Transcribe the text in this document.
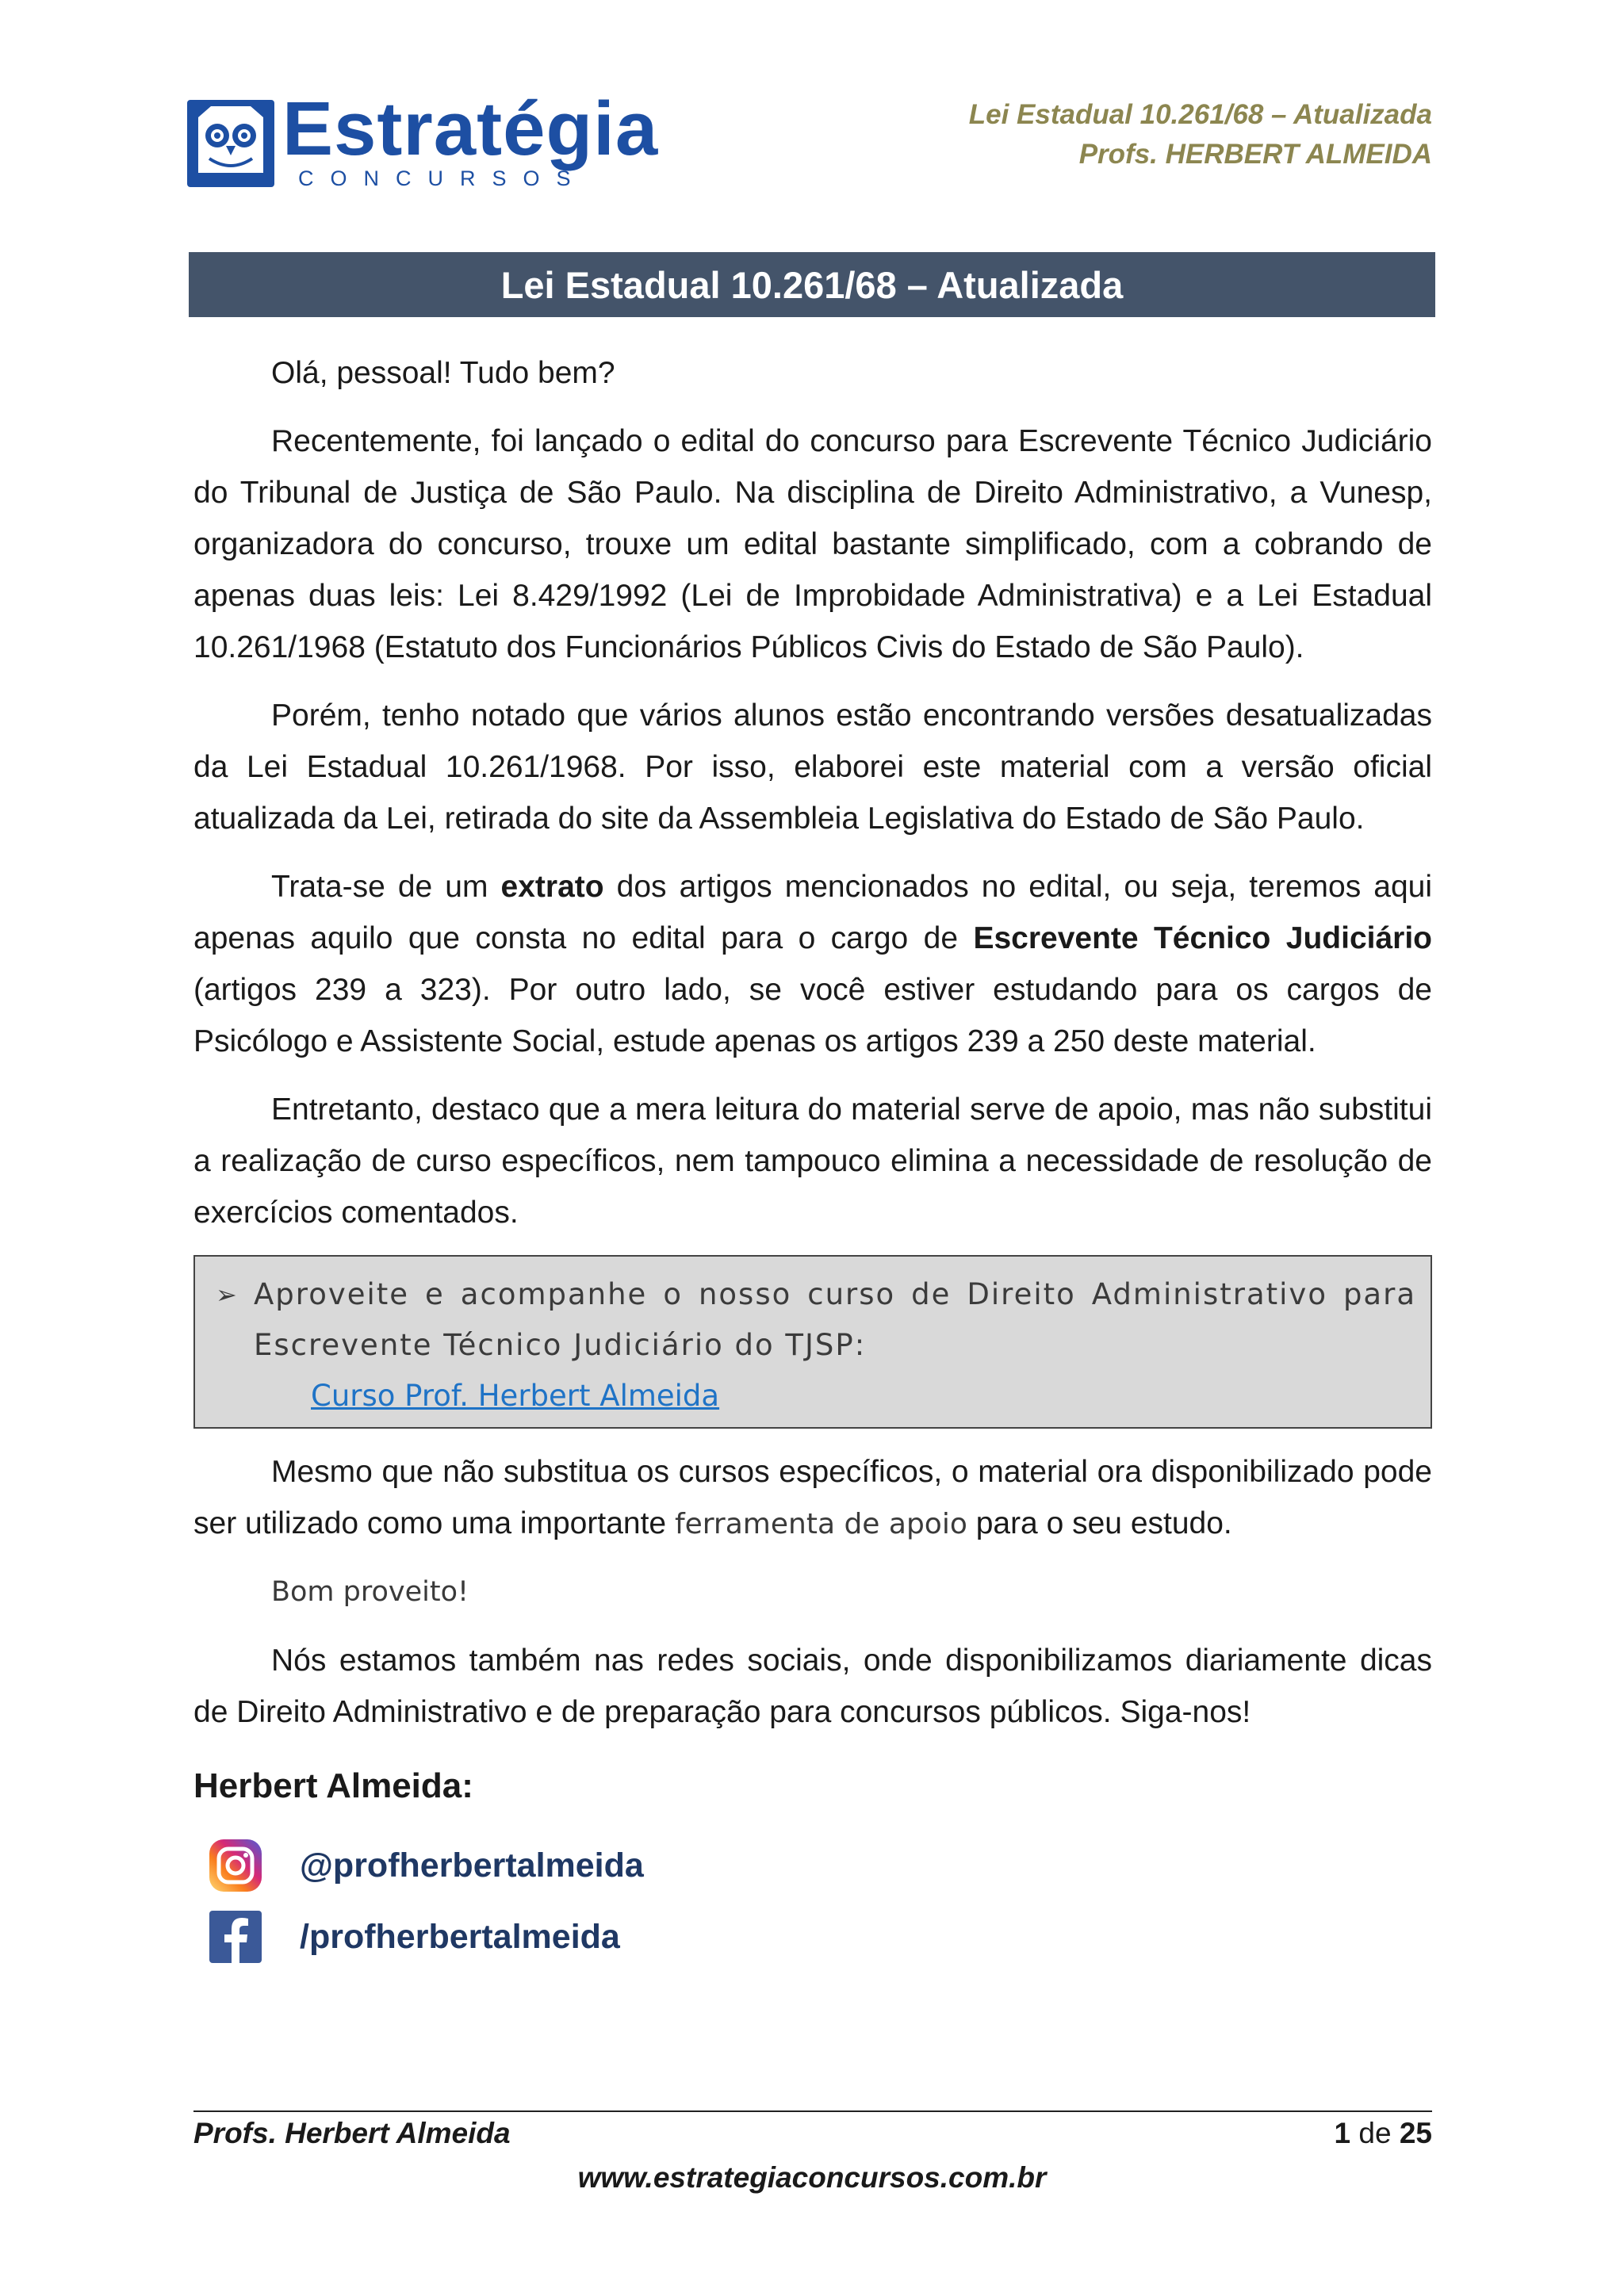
Estratégia
CONCURSOS
Lei Estadual 10.261/68 – Atualizada
Profs. HERBERT ALMEIDA
Lei Estadual 10.261/68 – Atualizada

Olá, pessoal! Tudo bem?

Recentemente, foi lançado o edital do concurso para Escrevente Técnico Judiciário do Tribunal de Justiça de São Paulo. Na disciplina de Direito Administrativo, a Vunesp, organizadora do concurso, trouxe um edital bastante simplificado, com a cobrando de apenas duas leis: Lei 8.429/1992 (Lei de Improbidade Administrativa) e a Lei Estadual 10.261/1968 (Estatuto dos Funcionários Públicos Civis do Estado de São Paulo).

Porém, tenho notado que vários alunos estão encontrando versões desatualizadas da Lei Estadual 10.261/1968. Por isso, elaborei este material com a versão oficial atualizada da Lei, retirada do site da Assembleia Legislativa do Estado de São Paulo.

Trata-se de um extrato dos artigos mencionados no edital, ou seja, teremos aqui apenas aquilo que consta no edital para o cargo de Escrevente Técnico Judiciário (artigos 239 a 323). Por outro lado, se você estiver estudando para os cargos de Psicólogo e Assistente Social, estude apenas os artigos 239 a 250 deste material.

Entretanto, destaco que a mera leitura do material serve de apoio, mas não substitui a realização de curso específicos, nem tampouco elimina a necessidade de resolução de exercícios comentados.

➢ Aproveite e acompanhe o nosso curso de Direito Administrativo para Escrevente Técnico Judiciário do TJSP:
Curso Prof. Herbert Almeida

Mesmo que não substitua os cursos específicos, o material ora disponibilizado pode ser utilizado como uma importante ferramenta de apoio para o seu estudo.

Bom proveito!

Nós estamos também nas redes sociais, onde disponibilizamos diariamente dicas de Direito Administrativo e de preparação para concursos públicos. Siga-nos!

Herbert Almeida:
@profherbertalmeida
/profherbertalmeida
Profs. Herbert Almeida	1 de 25
www.estrategiaconcursos.com.br
